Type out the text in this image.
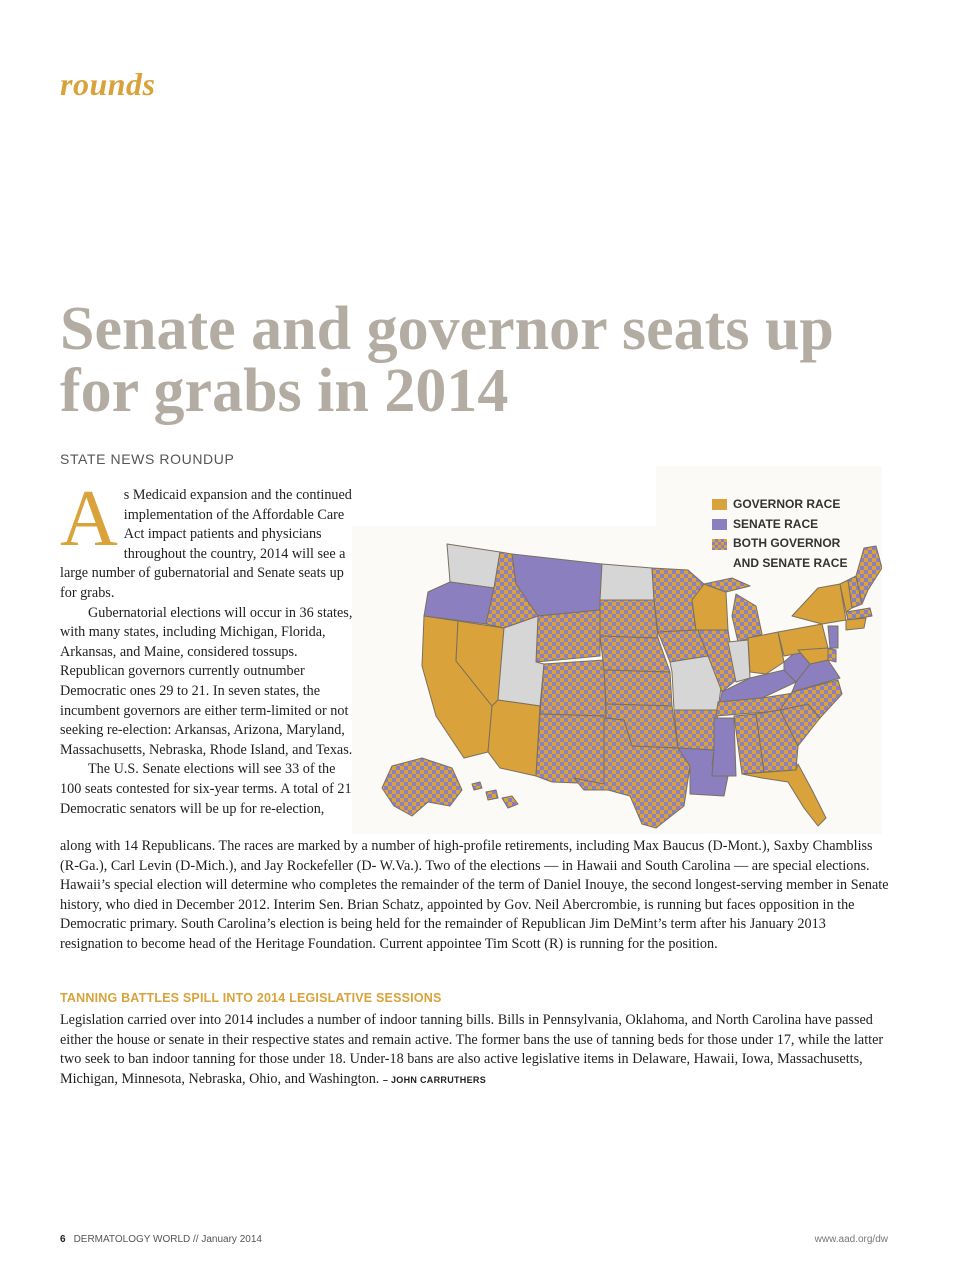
rounds
Senate and governor seats up for grabs in 2014
STATE NEWS ROUNDUP

As Medicaid expansion and the continued implementation of the Affordable Care Act impact patients and physicians throughout the country, 2014 will see a large number of gubernatorial and Senate seats up for grabs.

Gubernatorial elections will occur in 36 states, with many states, including Michigan, Florida, Arkansas, and Maine, considered tossups. Republican governors currently outnumber Democratic ones 29 to 21. In seven states, the incumbent governors are either term-limited or not seeking re-election: Arkansas, Arizona, Maryland, Massachusetts, Nebraska, Rhode Island, and Texas.

The U.S. Senate elections will see 33 of the 100 seats contested for six-year terms. A total of 21 Democratic senators will be up for re-election,

GOVERNOR RACE
SENATE RACE
BOTH GOVERNOR AND SENATE RACE

along with 14 Republicans. The races are marked by a number of high-profile retirements, including Max Baucus (D-Mont.), Saxby Chambliss (R-Ga.), Carl Levin (D-Mich.), and Jay Rockefeller (D- W.Va.). Two of the elections — in Hawaii and South Carolina — are special elections. Hawaii’s special election will determine who completes the remainder of the term of Daniel Inouye, the second longest-serving member in Senate history, who died in December 2012. Interim Sen. Brian Schatz, appointed by Gov. Neil Abercrombie, is running but faces opposition in the Democratic primary. South Carolina’s election is being held for the remainder of Republican Jim DeMint’s term after his January 2013 resignation to become head of the Heritage Foundation. Current appointee Tim Scott (R) is running for the position.

TANNING BATTLES SPILL INTO 2014 LEGISLATIVE SESSIONS

Legislation carried over into 2014 includes a number of indoor tanning bills. Bills in Pennsylvania, Oklahoma, and North Carolina have passed either the house or senate in their respective states and remain active. The former bans the use of tanning beds for those under 17, while the latter two seek to ban indoor tanning for those under 18. Under-18 bans are also active legislative items in Delaware, Hawaii, Iowa, Massachusetts, Michigan, Minnesota, Nebraska, Ohio, and Washington. – JOHN CARRUTHERS

6 DERMATOLOGY WORLD // January 2014	www.aad.org/dw
